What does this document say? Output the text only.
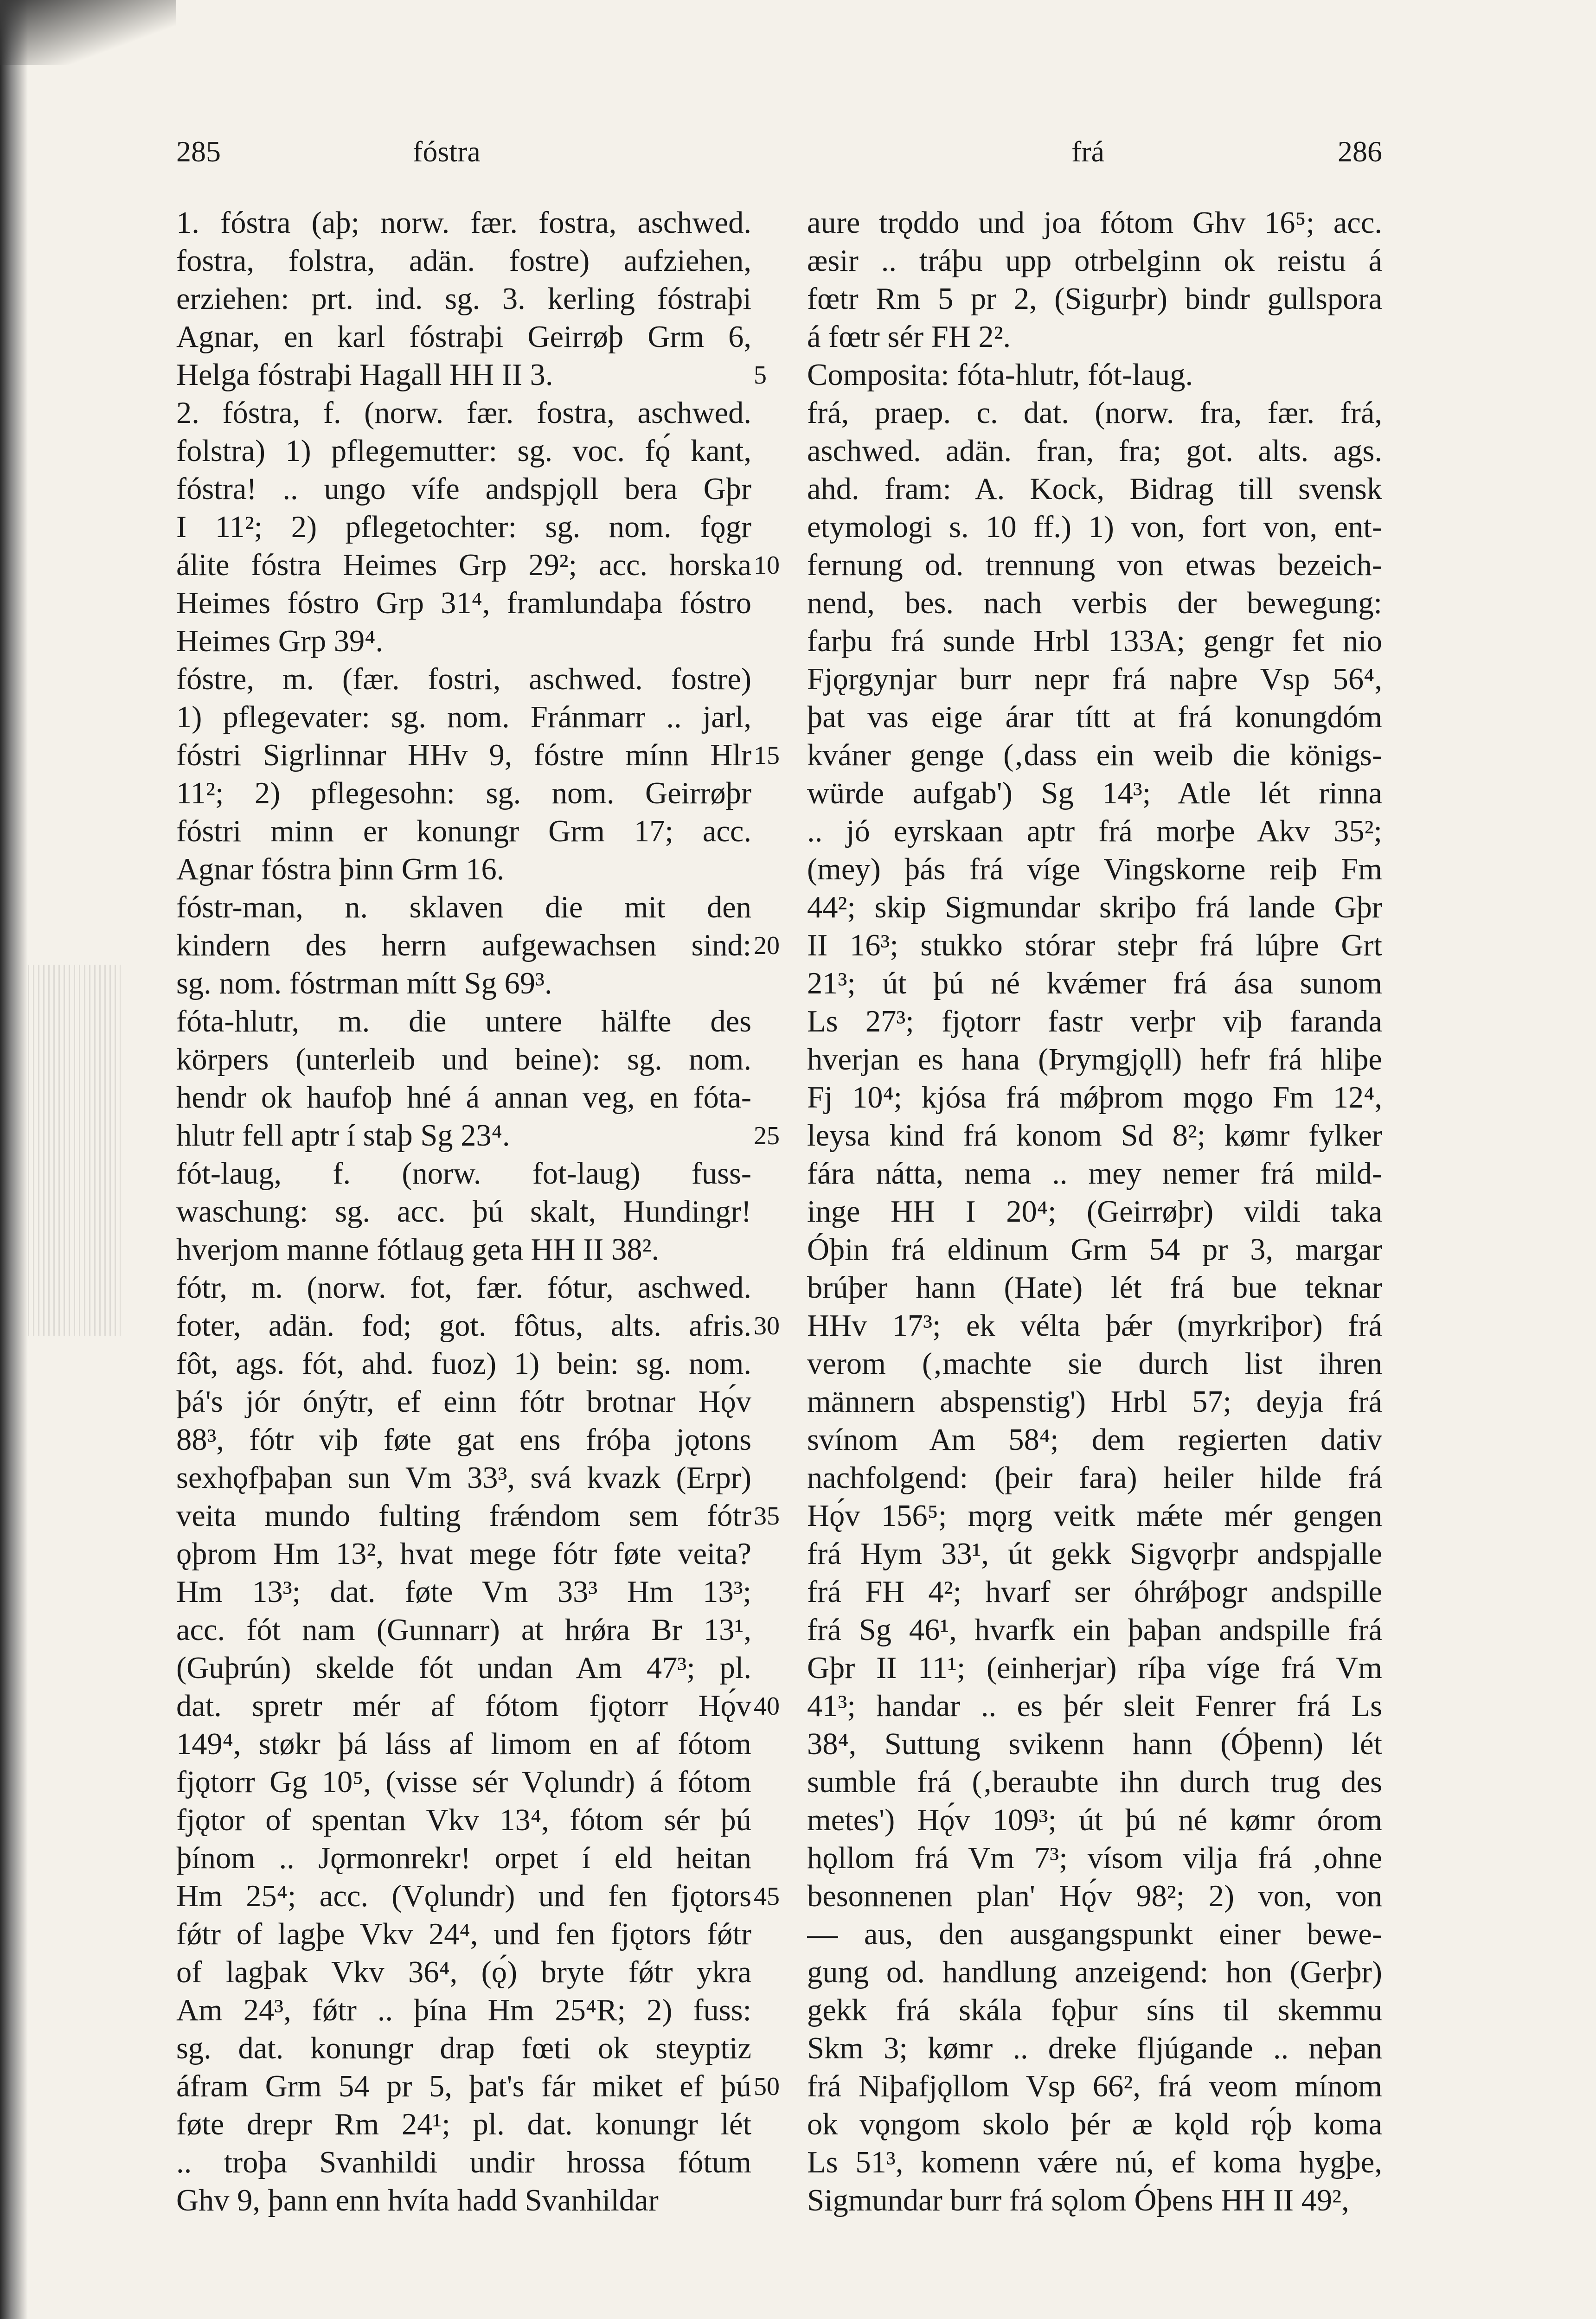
285	fóstra	frá	286
1. fóstra (aþ; norw. fær. fostra, aschwed.
fostra, folstra, adän. fostre) aufziehen,
erziehen: prt. ind. sg. 3. kerling fóstraþi
Agnar, en karl fóstraþi Geirrøþ Grm 6,
Helga fóstraþi Hagall HH II 3.
2. fóstra, f. (norw. fær. fostra, aschwed.
folstra) 1) pflegemutter: sg. voc. fǫ́ kant,
fóstra! .. ungo vífe andspjǫll bera Gþr
I 11²; 2) pflegetochter: sg. nom. fǫgr
álite fóstra Heimes Grp 29²; acc. horska
Heimes fóstro Grp 31⁴, framlundaþa fóstro
Heimes Grp 39⁴.
fóstre, m. (fær. fostri, aschwed. fostre)
1) pflegevater: sg. nom. Fránmarr .. jarl,
fóstri Sigrlinnar HHv 9, fóstre mínn Hlr
11²; 2) pflegesohn: sg. nom. Geirrøþr
fóstri minn er konungr Grm 17; acc.
Agnar fóstra þinn Grm 16.
fóstr-man, n. sklaven die mit den
kindern des herrn aufgewachsen sind:
sg. nom. fóstrman mítt Sg 69³.
fóta-hlutr, m. die untere hälfte des
körpers (unterleib und beine): sg. nom.
hendr ok haufoþ hné á annan veg, en fóta-
hlutr fell aptr í staþ Sg 23⁴.
fót-laug, f. (norw. fot-laug) fuss-
waschung: sg. acc. þú skalt, Hundingr!
hverjom manne fótlaug geta HH II 38².
fótr, m. (norw. fot, fær. fótur, aschwed.
foter, adän. fod; got. fôtus, alts. afris.
fôt, ags. fót, ahd. fuoz) 1) bein: sg. nom.
þá's jór ónýtr, ef einn fótr brotnar Hǫ́v
88³, fótr viþ føte gat ens fróþa jǫtons
sexhǫfþaþan sun Vm 33³, svá kvazk (Erpr)
veita mundo fulting frǽndom sem fótr
ǫþrom Hm 13², hvat mege fótr føte veita?
Hm 13³; dat. føte Vm 33³ Hm 13³;
acc. fót nam (Gunnarr) at hrǿra Br 13¹,
(Guþrún) skelde fót undan Am 47³; pl.
dat. spretr mér af fótom fjǫtorr Hǫ́v
149⁴, støkr þá láss af limom en af fótom
fjǫtorr Gg 10⁵, (visse sér Vǫlundr) á fótom
fjǫtor of spentan Vkv 13⁴, fótom sér þú
þínom .. Jǫrmonrekr! orpet í eld heitan
Hm 25⁴; acc. (Vǫlundr) und fen fjǫtors
fǿtr of lagþe Vkv 24⁴, und fen fjǫtors fǿtr
of lagþak Vkv 36⁴, (ǫ́) bryte fǿtr ykra
Am 24³, fǿtr .. þína Hm 25⁴R; 2) fuss:
sg. dat. konungr drap fœti ok steyptiz
áfram Grm 54 pr 5, þat's fár miket ef þú
føte drepr Rm 24¹; pl. dat. konungr lét
.. troþa Svanhildi undir hrossa fótum
Ghv 9, þann enn hvíta hadd Svanhildar
5
10
15
20
25
30
35
40
45
50
aure trǫddo und joa fótom Ghv 16⁵; acc.
æsir .. tráþu upp otrbelginn ok reistu á
fœtr Rm 5 pr 2, (Sigurþr) bindr gullspora
á fœtr sér FH 2².
Composita: fóta-hlutr, fót-laug.
frá, praep. c. dat. (norw. fra, fær. frá,
aschwed. adän. fran, fra; got. alts. ags.
ahd. fram: A. Kock, Bidrag till svensk
etymologi s. 10 ff.) 1) von, fort von, ent-
fernung od. trennung von etwas bezeich-
nend, bes. nach verbis der bewegung:
farþu frá sunde Hrbl 133A; gengr fet nio
Fjǫrgynjar burr nepr frá naþre Vsp 56⁴,
þat vas eige árar títt at frá konungdóm
kváner genge (‚dass ein weib die königs-
würde aufgab') Sg 14³; Atle lét rinna
.. jó eyrskaan aptr frá morþe Akv 35²;
(mey) þás frá víge Vingskorne reiþ Fm
44²; skip Sigmundar skriþo frá lande Gþr
II 16³; stukko stórar steþr frá lúþre Grt
21³; út þú né kvǽmer frá ása sunom
Ls 27³; fjǫtorr fastr verþr viþ faranda
hverjan es hana (Þrymgjǫll) hefr frá hliþe
Fj 10⁴; kjósa frá mǿþrom mǫgo Fm 12⁴,
leysa kind frá konom Sd 8²; kømr fylker
fára nátta, nema .. mey nemer frá mild-
inge HH I 20⁴; (Geirrøþr) vildi taka
Óþin frá eldinum Grm 54 pr 3, margar
brúþer hann (Hate) lét frá bue teknar
HHv 17³; ek vélta þǽr (myrkriþor) frá
verom (‚machte sie durch list ihren
männern abspenstig') Hrbl 57; deyja frá
svínom Am 58⁴; dem regierten dativ
nachfolgend: (þeir fara) heiler hilde frá
Hǫ́v 156⁵; mǫrg veitk mǽte mér gengen
frá Hym 33¹, út gekk Sigvǫrþr andspjalle
frá FH 4²; hvarf ser óhrǿþogr andspille
frá Sg 46¹, hvarfk ein þaþan andspille frá
Gþr II 11¹; (einherjar) ríþa víge frá Vm
41³; handar .. es þér sleit Fenrer frá Ls
38⁴, Suttung svikenn hann (Óþenn) lét
sumble frá (‚beraubte ihn durch trug des
metes') Hǫ́v 109³; út þú né kømr órom
hǫllom frá Vm 7³; vísom vilja frá ‚ohne
besonnenen plan' Hǫ́v 98²; 2) von, von
— aus, den ausgangspunkt einer bewe-
gung od. handlung anzeigend: hon (Gerþr)
gekk frá skála fǫþur síns til skemmu
Skm 3; kømr .. dreke fljúgande .. neþan
frá Niþafjǫllom Vsp 66², frá veom mínom
ok vǫngom skolo þér æ kǫld rǫ́þ koma
Ls 51³, komenn vǽre nú, ef koma hygþe,
Sigmundar burr frá sǫlom Óþens HH II 49²,
